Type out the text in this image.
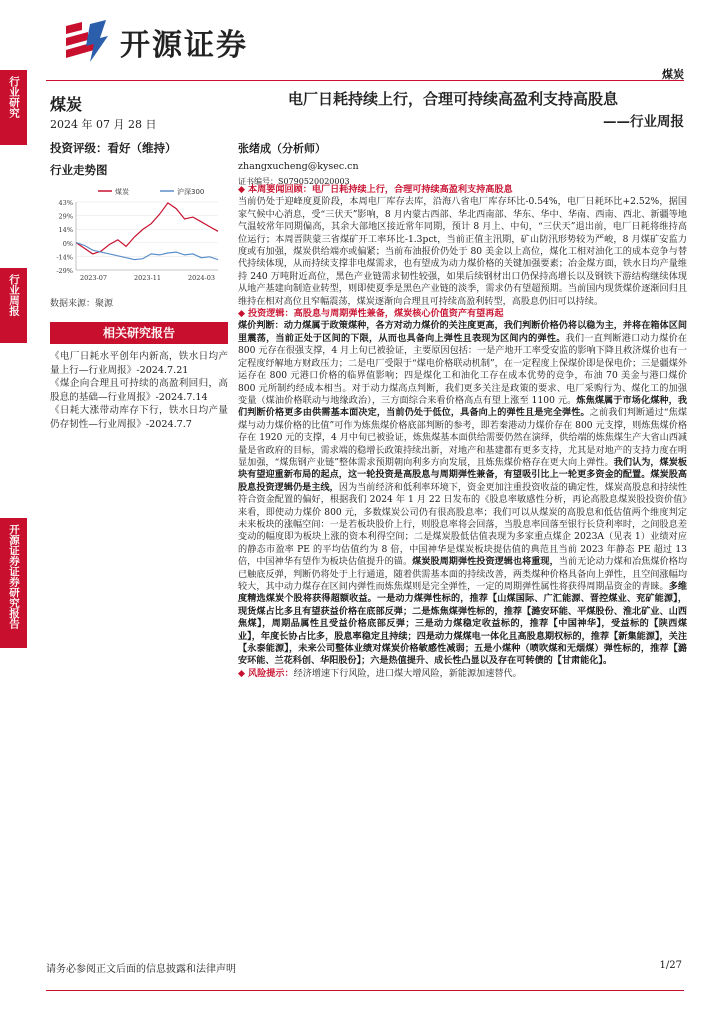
行业研究
行业周报
开源证券证券研究报告
开源证券
煤炭
煤炭
2024 年 07 月 28 日
电厂日耗持续上行，合理可持续高盈利支持高股息
——行业周报
投资评级：看好（维持）
行业走势图
煤炭	沪深300
43%
29%
14%
0%
-14%
-29%
2023-07	2023-11	2024-03
数据来源：聚源
相关研究报告

《电厂日耗水平创年内新高，铁水日均产量上行—行业周报》-2024.7.21

《煤企向合理且可持续的高盈利回归，高股息的基础—行业周报》-2024.7.14

《日耗大涨带动库存下行，铁水日均产量仍存韧性—行业周报》-2024.7.7

张绪成（分析师）
zhangxucheng@kysec.cn
证书编号：S0790520020003

◆ 本周要闻回顾：电厂日耗持续上行，合理可持续高盈利支持高股息

当前仍处于迎峰度夏阶段，本周电厂库存去库，沿海八省电厂库存环比-0.54%，电厂日耗环比+2.52%，据国家气候中心消息，受“三伏天”影响，8 月内蒙古西部、华北西南部、华东、华中、华南、西南、西北、新疆等地气温较常年同期偏高，其余大部地区接近常年同期，预计 8 月上、中旬，“三伏天”退出前，电厂日耗将维持高位运行；本周晋陕蒙三省煤矿开工率环比-1.3pct，当前正值主汛期，矿山防汛形势较为严峻，8 月煤矿安监力度或有加强，煤炭供给端亦或偏紧；当前布油报价仍处于 80 美金以上高位，煤化工相对油化工的成本竞争与替代持续体现，从而持续支撑非电煤需求，也有望成为动力煤价格的关键加强要素；冶金煤方面，铁水日均产量维持 240 万吨附近高位，黑色产业链需求韧性较强，如果后续钢材出口仍保持高增长以及钢铁下游结构继续体现从地产基建向制造业转型，则即使夏季是黑色产业链的淡季，需求仍有望超预期。当前国内现货煤价逐渐回归且维持在相对高位且窄幅震荡，煤炭逐渐向合理且可持续高盈利转型，高股息仍旧可以持续。

◆ 投资逻辑：高股息与周期弹性兼备，煤炭核心价值资产有望再起

煤价判断：动力煤属于政策煤种，各方对动力煤价的关注度更高，我们判断价格仍将以稳为主，并将在箱体区间里震荡，当前正处于区间的下限，从而也具备向上弹性且表现为区间内的弹性。我们一直判断港口动力煤价在 800 元存在很强支撑，4 月上旬已被验证，主要原因包括：一是产地开工率受安监的影响下降且救济煤价也有一定程度纾解地方财政压力；二是电厂受限于“煤电价格联动机制”，在一定程度上保煤价即是保电价；三是疆煤外运存在 800 元港口价格的临界值影响；四是煤化工和油化工存在成本优势的竞争，布油 70 美金与港口煤价 800 元所制约经成本相当。对于动力煤高点判断，我们更多关注是政策的要求、电厂采购行为、煤化工的加强变量（煤油价格联动与地缘政治），三方面综合来看价格高点有望上涨至 1100 元。炼焦煤属于市场化煤种，我们判断价格更多由供需基本面决定，当前仍处于低位，具备向上的弹性且是完全弹性。之前我们判断通过“焦煤煤与动力煤价格的比值”可作为炼焦煤价格底部判断的参考，即若秦港动力煤价存在 800 元支撑，则炼焦煤价格存在 1920 元的支撑，4 月中旬已被验证，炼焦煤基本面供给需要仍然在演绎，供给端的炼焦煤生产大省山西减量是省政府的目标，需求端的稳增长政策持续出新，对地产和基建都有更多支持，尤其是对地产的支持力度在明显加强，“煤焦钢产业链”整体需求预期朝向利多方向发展，且炼焦煤价格存在更大向上弹性。我们认为，煤炭板块有望迎重新布局的起点，这一轮投资是高股息与周期弹性兼备，有望吸引比上一轮更多资金的配置。煤炭股高股息投资逻辑仍是主线，因为当前经济和低利率环境下，资金更加注重投资收益的确定性，煤炭高股息和持续性符合资金配置的偏好，根据我们 2024 年 1 月 22 日发布的《股息率敏感性分析，再论高股息煤炭股投资价值》来看，即使动力煤价 800 元，多数煤炭公司仍有很高股息率；我们可以从煤炭的高股息和低估值两个维度判定未来板块的涨幅空间：一是若板块股价上行，则股息率将会回落，当股息率回落至银行长贷利率时，之间股息差变动的幅度即为板块上涨的资本利得空间；二是煤炭股低估值表现为多家重点煤企 2023A（见表 1）业绩对应的静态市盈率 PE 的平均估值约为 8 倍，中国神华是煤炭板块提估值的典范且当前 2023 年静态 PE 超过 13 倍，中国神华有望作为板块估值提升的锚。煤炭股周期弹性投资逻辑也将重现，当前无论动力煤和冶焦煤价格均已触底反弹，判断仍将处于上行通道，随着供需基本面的持续改善，两类煤种价格具备向上弹性，且空间涨幅均较大，其中动力煤存在区间内弹性而炼焦煤则是完全弹性，一定的周期弹性属性将获得周期品资金的青睐。多维度精选煤炭个股将获得超额收益。一是动力煤弹性标的，推荐【山煤国际、广汇能源、晋控煤业、兖矿能源】，现货煤占比多且有望获益价格在底部反弹；二是炼焦煤弹性标的，推荐【潞安环能、平煤股份、淮北矿业、山西焦煤】，周期品属性且受益价格底部反弹；三是动力煤稳定收益标的，推荐【中国神华】，受益标的【陕西煤业】，年度长协占比多，股息率稳定且持续；四是动力煤煤电一体化且高股息期权标的，推荐【新集能源】，关注【永泰能源】，未来公司整体业绩对煤炭价格敏感性减弱；五是小煤种（喷吹煤和无烟煤）弹性标的，推荐【潞安环能、兰花科创、华阳股份】；六是热值提升、成长性凸显以及存在可转债的【甘肃能化】。

◆ 风险提示：经济增速下行风险，进口煤大增风险，新能源加速替代。

请务必参阅正文后面的信息披露和法律声明	1/27
